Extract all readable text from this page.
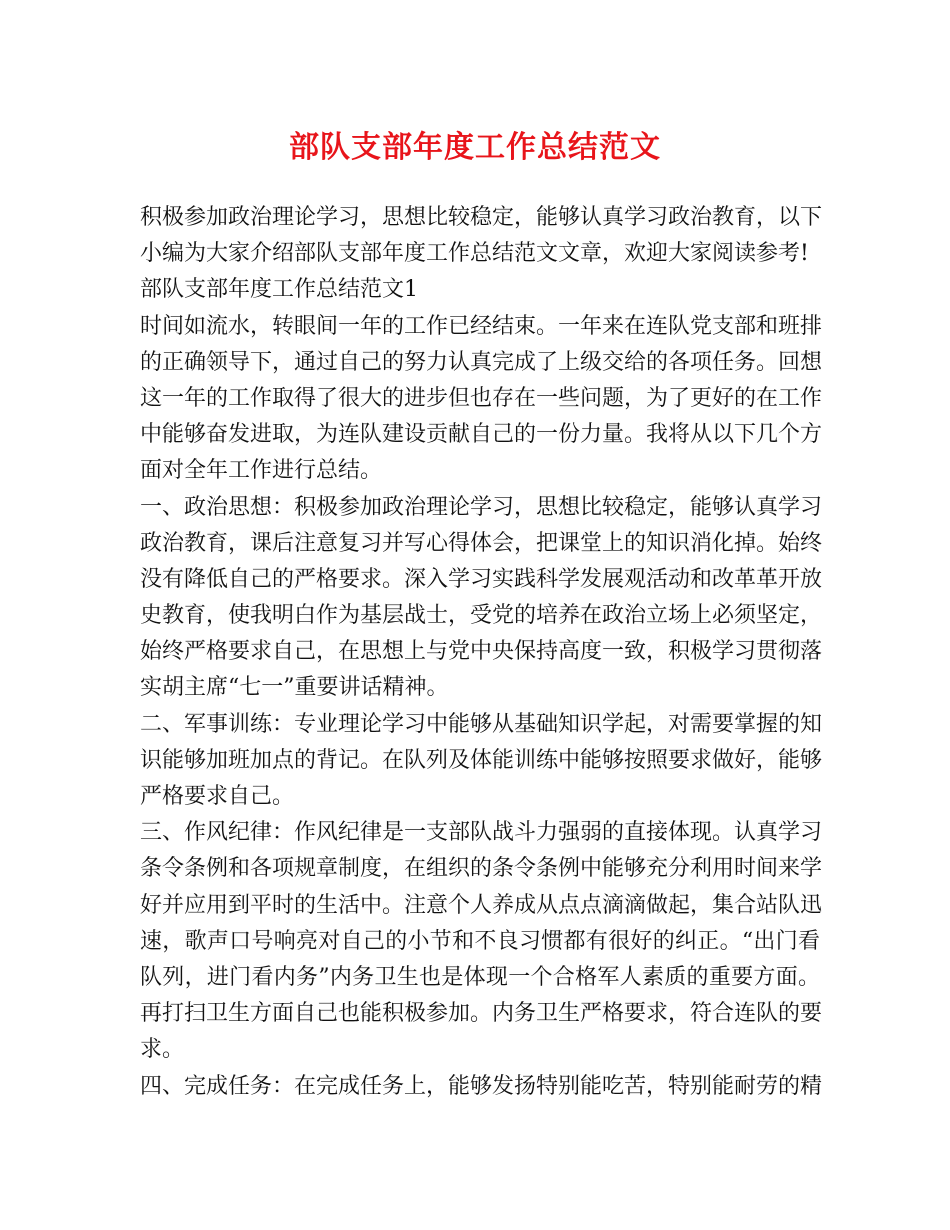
部队支部年度工作总结范文
积极参加政治理论学习，思想比较稳定，能够认真学习政治教育，以下
小编为大家介绍部队支部年度工作总结范文文章，欢迎大家阅读参考!
部队支部年度工作总结范文1
时间如流水，转眼间一年的工作已经结束。一年来在连队党支部和班排
的正确领导下，通过自己的努力认真完成了上级交给的各项任务。回想
这一年的工作取得了很大的进步但也存在一些问题，为了更好的在工作
中能够奋发进取，为连队建设贡献自己的一份力量。我将从以下几个方
面对全年工作进行总结。
一、政治思想：积极参加政治理论学习，思想比较稳定，能够认真学习
政治教育，课后注意复习并写心得体会，把课堂上的知识消化掉。始终
没有降低自己的严格要求。深入学习实践科学发展观活动和改革革开放
史教育，使我明白作为基层战士，受党的培养在政治立场上必须坚定，
始终严格要求自己，在思想上与党中央保持高度一致，积极学习贯彻落
实胡主席“七一”重要讲话精神。
二、军事训练：专业理论学习中能够从基础知识学起，对需要掌握的知
识能够加班加点的背记。在队列及体能训练中能够按照要求做好，能够
严格要求自己。
三、作风纪律：作风纪律是一支部队战斗力强弱的直接体现。认真学习
条令条例和各项规章制度，在组织的条令条例中能够充分利用时间来学
好并应用到平时的生活中。注意个人养成从点点滴滴做起，集合站队迅
速，歌声口号响亮对自己的小节和不良习惯都有很好的纠正。“出门看
队列，进门看内务”内务卫生也是体现一个合格军人素质的重要方面。
再打扫卫生方面自己也能积极参加。内务卫生严格要求，符合连队的要
求。
四、完成任务：在完成任务上，能够发扬特别能吃苦，特别能耐劳的精
